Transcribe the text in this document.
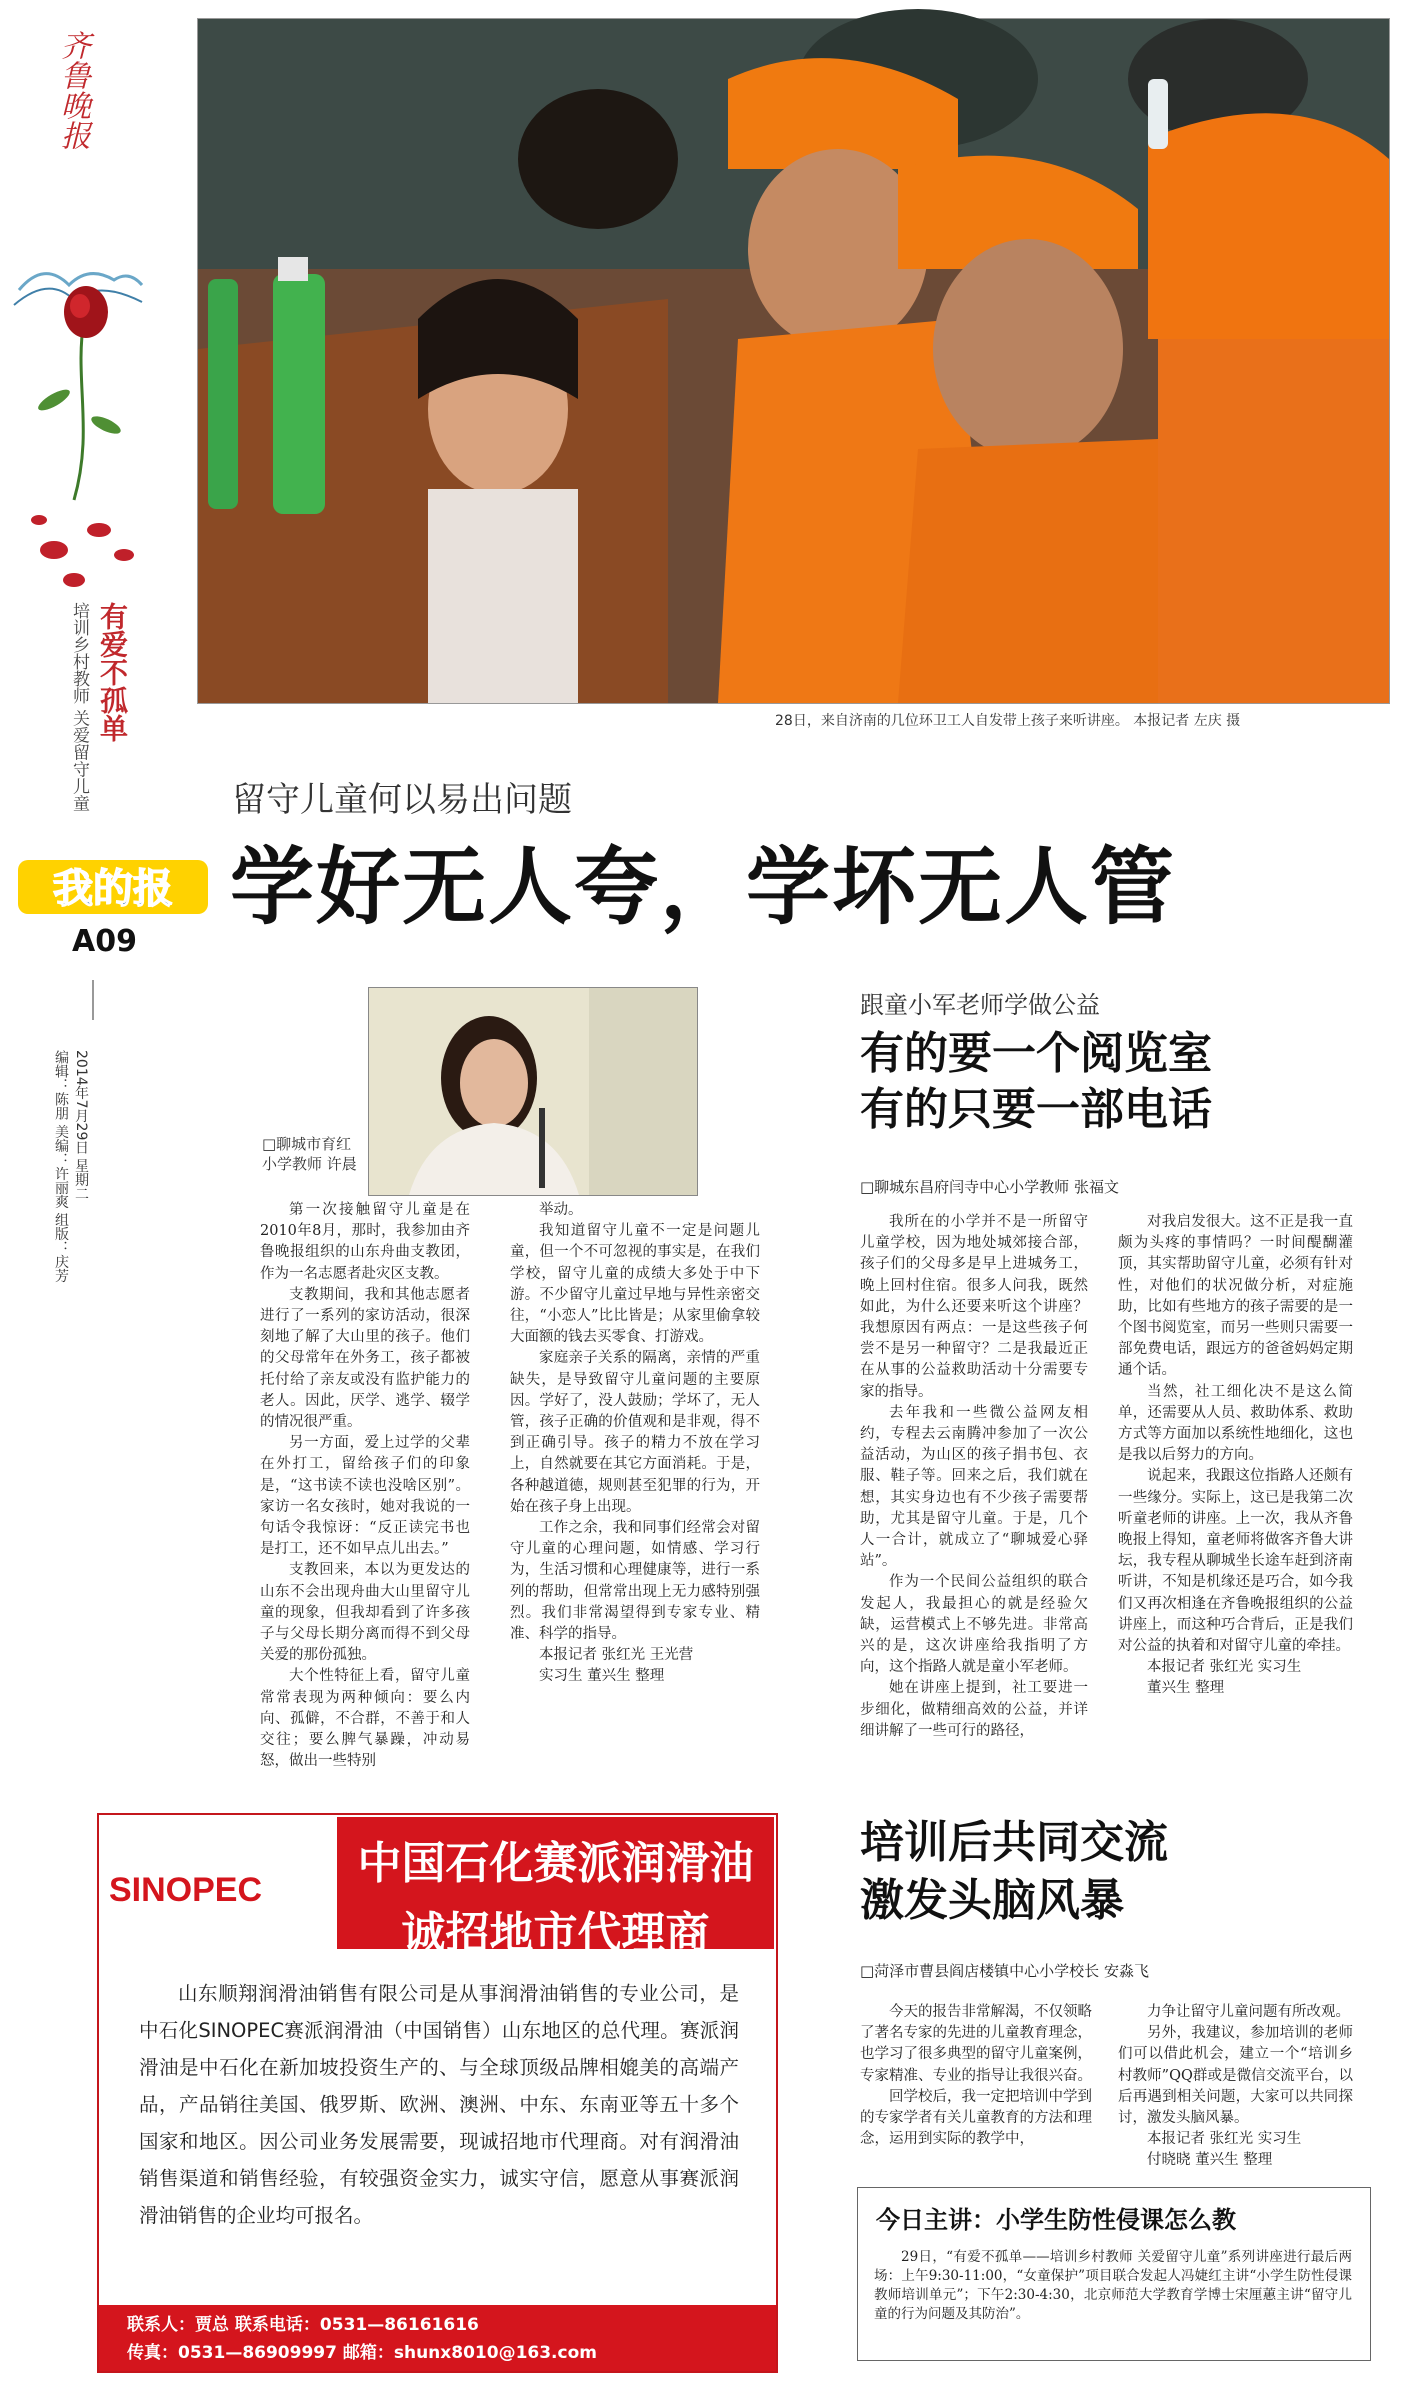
齐鲁晚报
有爱不孤单
培训乡村教师 关爱留守儿童
我的报
A09
2014年7月29日 星期二
编辑：陈朋 美编：许丽爽 组版：庆芳
28日，来自济南的几位环卫工人自发带上孩子来听讲座。 本报记者 左庆 摄
留守儿童何以易出问题
学好无人夸，学坏无人管
□聊城市育红小学教师 许晨

第一次接触留守儿童是在2010年8月，那时，我参加由齐鲁晚报组织的山东舟曲支教团，作为一名志愿者赴灾区支教。

支教期间，我和其他志愿者进行了一系列的家访活动，很深刻地了解了大山里的孩子。他们的父母常年在外务工，孩子都被托付给了亲友或没有监护能力的老人。因此，厌学、逃学、辍学的情况很严重。

另一方面，爱上过学的父辈在外打工，留给孩子们的印象是，“这书读不读也没啥区别”。家访一名女孩时，她对我说的一句话令我惊讶：“反正读完书也是打工，还不如早点儿出去。”

支教回来，本以为更发达的山东不会出现舟曲大山里留守儿童的现象，但我却看到了许多孩子与父母长期分离而得不到父母关爱的那份孤独。

大个性特征上看，留守儿童常常表现为两种倾向：要么内向、孤僻，不合群，不善于和人交往；要么脾气暴躁，冲动易怒，做出一些特别

举动。

我知道留守儿童不一定是问题儿童，但一个不可忽视的事实是，在我们学校，留守儿童的成绩大多处于中下游。不少留守儿童过早地与异性亲密交往，“小恋人”比比皆是；从家里偷拿较大面额的钱去买零食、打游戏。

家庭亲子关系的隔离，亲情的严重缺失，是导致留守儿童问题的主要原因。学好了，没人鼓励；学坏了，无人管，孩子正确的价值观和是非观，得不到正确引导。孩子的精力不放在学习上，自然就要在其它方面消耗。于是，各种越道德，规则甚至犯罪的行为，开始在孩子身上出现。

工作之余，我和同事们经常会对留守儿童的心理问题，如情感、学习行为，生活习惯和心理健康等，进行一系列的帮助，但常常出现上无力感特别强烈。我们非常渴望得到专家专业、精准、科学的指导。

本报记者 张红光 王光营

实习生 董兴生 整理

跟童小军老师学做公益
有的要一个阅览室
有的只要一部电话
□聊城东昌府闫寺中心小学教师 张福文

我所在的小学并不是一所留守儿童学校，因为地处城郊接合部，孩子们的父母多是早上进城务工，晚上回村住宿。很多人问我，既然如此，为什么还要来听这个讲座？我想原因有两点：一是这些孩子何尝不是另一种留守？二是我最近正在从事的公益救助活动十分需要专家的指导。

去年我和一些微公益网友相约，专程去云南腾冲参加了一次公益活动，为山区的孩子捐书包、衣服、鞋子等。回来之后，我们就在想，其实身边也有不少孩子需要帮助，尤其是留守儿童。于是，几个人一合计，就成立了“聊城爱心驿站”。

作为一个民间公益组织的联合发起人，我最担心的就是经验欠缺，运营模式上不够先进。非常高兴的是，这次讲座给我指明了方向，这个指路人就是童小军老师。

她在讲座上提到，社工要进一步细化，做精细高效的公益，并详细讲解了一些可行的路径，

对我启发很大。这不正是我一直颇为头疼的事情吗？一时间醍醐灌顶，其实帮助留守儿童，必须有针对性，对他们的状况做分析，对症施助，比如有些地方的孩子需要的是一个图书阅览室，而另一些则只需要一部免费电话，跟远方的爸爸妈妈定期通个话。

当然，社工细化决不是这么简单，还需要从人员、救助体系、救助方式等方面加以系统性地细化，这也是我以后努力的方向。

说起来，我跟这位指路人还颇有一些缘分。实际上，这已是我第二次听童老师的讲座。上一次，我从齐鲁晚报上得知，童老师将做客齐鲁大讲坛，我专程从聊城坐长途车赶到济南听讲，不知是机缘还是巧合，如今我们又再次相逢在齐鲁晚报组织的公益讲座上，而这种巧合背后，正是我们对公益的执着和对留守儿童的牵挂。

本报记者 张红光 实习生

董兴生 整理

SINOPEC
中国石化赛派润滑油
诚招地市代理商

山东顺翔润滑油销售有限公司是从事润滑油销售的专业公司，是中石化SINOPEC赛派润滑油（中国销售）山东地区的总代理。赛派润滑油是中石化在新加坡投资生产的、与全球顶级品牌相媲美的高端产品，产品销往美国、俄罗斯、欧洲、澳洲、中东、东南亚等五十多个国家和地区。因公司业务发展需要，现诚招地市代理商。对有润滑油销售渠道和销售经验，有较强资金实力，诚实守信，愿意从事赛派润滑油销售的企业均可报名。

联系人：贾总 联系电话：0531—86161616
传真：0531—86909997 邮箱：shunx8010@163.com
培训后共同交流
激发头脑风暴
□菏泽市曹县阎店楼镇中心小学校长 安淼飞

今天的报告非常解渴，不仅领略了著名专家的先进的儿童教育理念，也学习了很多典型的留守儿童案例，专家精准、专业的指导让我很兴奋。

回学校后，我一定把培训中学到的专家学者有关儿童教育的方法和理念，运用到实际的教学中，

力争让留守儿童问题有所改观。

另外，我建议，参加培训的老师们可以借此机会，建立一个“培训乡村教师”QQ群或是微信交流平台，以后再遇到相关问题，大家可以共同探讨，激发头脑风暴。

本报记者 张红光 实习生

付晓晓 董兴生 整理

今日主讲：小学生防性侵课怎么教

29日，“有爱不孤单——培训乡村教师 关爱留守儿童”系列讲座进行最后两场：上午9:30-11:00，“女童保护”项目联合发起人冯婕红主讲“小学生防性侵课教师培训单元”；下午2:30-4:30，北京师范大学教育学博士宋厘蕙主讲“留守儿童的行为问题及其防治”。
